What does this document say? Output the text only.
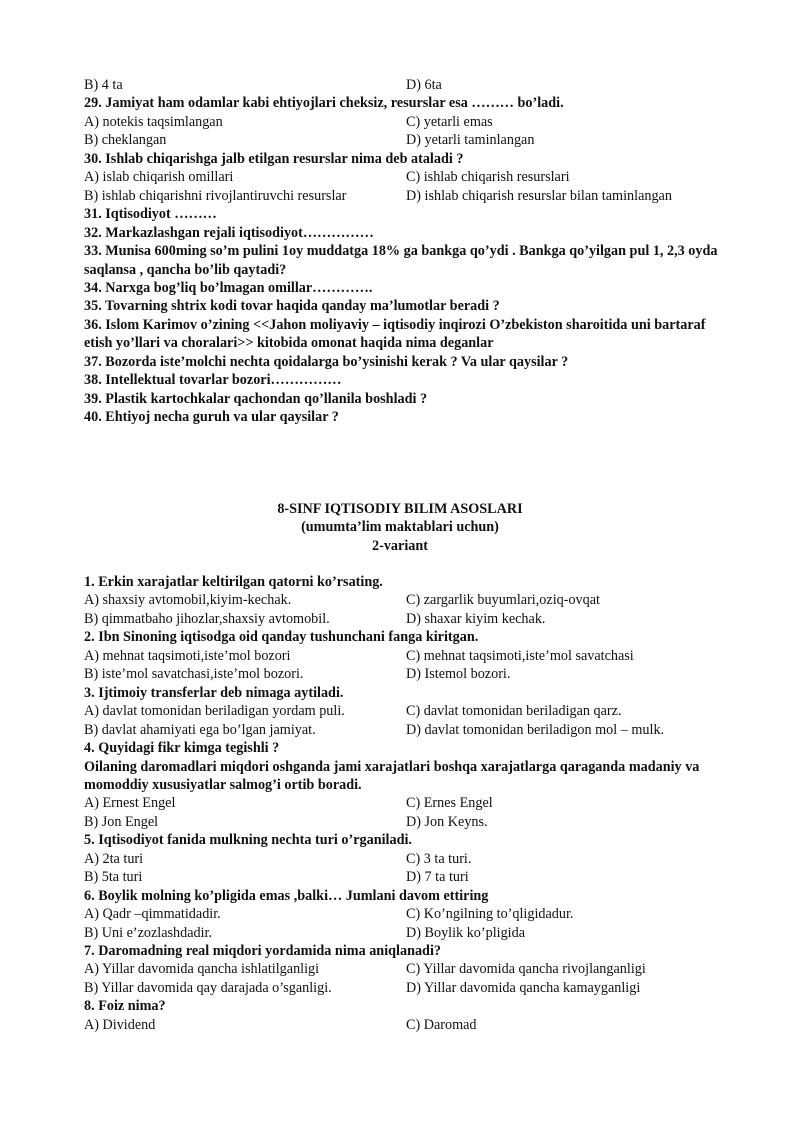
B) 4 ta	D) 6ta
29. Jamiyat ham odamlar kabi ehtiyojlari cheksiz, resurslar esa ……… bo’ladi.
A) notekis taqsimlangan	C) yetarli emas
B) cheklangan	D) yetarli taminlangan
30. Ishlab chiqarishga jalb etilgan resurslar nima deb ataladi ?
A) islab chiqarish omillari	C) ishlab chiqarish resurslari
B) ishlab chiqarishni rivojlantiruvchi resurslar	D) ishlab chiqarish resurslar bilan taminlangan
31. Iqtisodiyot ………
32. Markazlashgan rejali iqtisodiyot……………
33. Munisa 600ming so’m pulini 1oy muddatga 18% ga bankga qo’ydi . Bankga qo’yilgan pul 1, 2,3 oyda saqlansa , qancha bo’lib qaytadi?
34. Narxga bog’liq bo’lmagan omillar………….
35. Tovarning shtrix kodi tovar haqida qanday ma’lumotlar beradi ?
36. Islom Karimov o’zining <<Jahon moliyaviy – iqtisodiy inqirozi O’zbekiston sharoitida uni bartaraf etish yo’llari va choralari>> kitobida omonat haqida nima deganlar
37. Bozorda iste’molchi nechta qoidalarga bo’ysinishi kerak ? Va ular qaysilar ?
38. Intellektual tovarlar bozori……………
39. Plastik kartochkalar qachondan qo’llanila boshladi ?
40. Ehtiyoj necha guruh va ular qaysilar ?
8-SINF IQTISODIY BILIM ASOSLARI
(umumta’lim maktablari uchun)
2-variant
1. Erkin xarajatlar keltirilgan qatorni ko’rsating.
A) shaxsiy avtomobil,kiyim-kechak.	C) zargarlik buyumlari,oziq-ovqat
B) qimmatbaho jihozlar,shaxsiy avtomobil.	D) shaxar kiyim kechak.
2. Ibn Sinoning iqtisodga oid qanday tushunchani fanga kiritgan.
A) mehnat taqsimoti,iste’mol bozori	C) mehnat taqsimoti,iste’mol savatchasi
B) iste’mol savatchasi,iste’mol bozori.	D) Istemol bozori.
3. Ijtimoiy transferlar deb nimaga aytiladi.
A) davlat tomonidan beriladigan yordam puli.	C) davlat tomonidan beriladigan qarz.
B) davlat ahamiyati ega bo’lgan jamiyat.	D) davlat tomonidan beriladigon mol – mulk.
4. Quyidagi fikr kimga tegishli ?
Oilaning daromadlari miqdori oshganda jami xarajatlari boshqa xarajatlarga qaraganda madaniy va momoddiy xususiyatlar salmog’i ortib boradi.
A) Ernest Engel	C) Ernes Engel
B) Jon Engel	D) Jon Keyns.
5. Iqtisodiyot fanida mulkning nechta turi o’rganiladi.
A) 2ta turi	C) 3 ta turi.
B) 5ta turi	D) 7 ta turi
6. Boylik molning ko’pligida emas ,balki… Jumlani davom ettiring
A) Qadr –qimmatidadir.	C) Ko’ngilning to’qligidadur.
B) Uni e’zozlashdadir.	D) Boylik ko’pligida
7. Daromadning real miqdori yordamida nima aniqlanadi?
A) Yillar davomida qancha ishlatilganligi	C) Yillar davomida qancha rivojlanganligi
B) Yillar davomida qay darajada o’sganligi.	D) Yillar davomida qancha kamayganligi
8. Foiz nima?
A) Dividend	C) Daromad
